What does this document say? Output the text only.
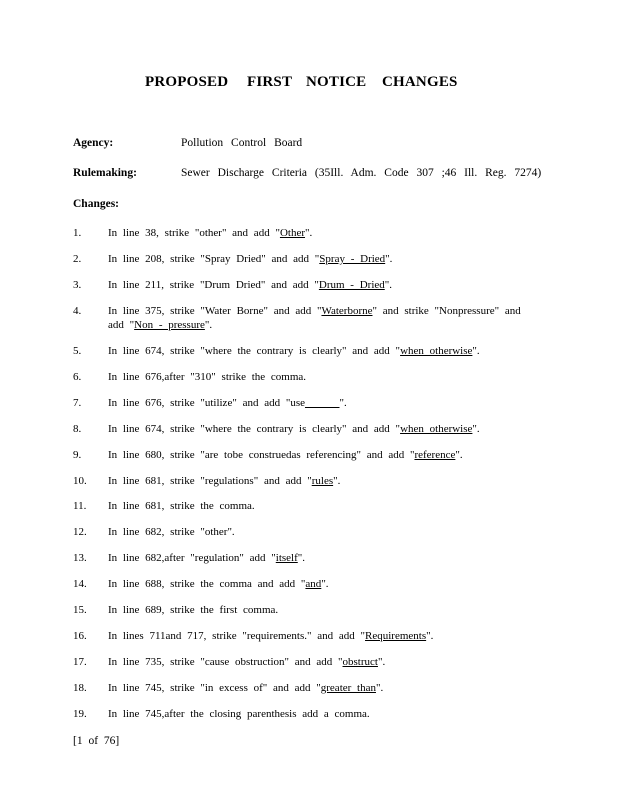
PROPOSED FIRST NOTICE CHANGES
Agency:	Pollution Control Board
Rulemaking:	Sewer Discharge Criteria (35Ill. Adm. Code 307 ;46 Ill. Reg. 7274)
Changes:
1. In line 38, strike "other" and add "Other".
2. In line 208, strike "Spray Dried" and add "Spray - Dried".
3. In line 211, strike "Drum Dried" and add "Drum - Dried".
4. In line 375, strike "Water Borne" and add "Waterborne" and strike "Nonpressure" and add "Non - pressure".
5. In line 674, strike "where the contrary is clearly" and add "when otherwise".
6. In line 676,after "310" strike the comma.
7. In line 676, strike "utilize" and add "use	".
8. In line 674, strike "where the contrary is clearly" and add "when otherwise".
9. In line 680, strike "are tobe construedas referencing" and add "reference".
10. In line 681, strike "regulations" and add "rules".
11. In line 681, strike the comma.
12. In line 682, strike "other".
13. In line 682,after "regulation" add "itself".
14. In line 688, strike the comma and add "and".
15. In line 689, strike the first comma.
16. In lines 711and 717, strike "requirements." and add "Requirements".
17. In line 735, strike "cause obstruction" and add "obstruct".
18. In line 745, strike "in excess of" and add "greater than".
19. In line 745,after the closing parenthesis add a comma.
[1 of 76]
